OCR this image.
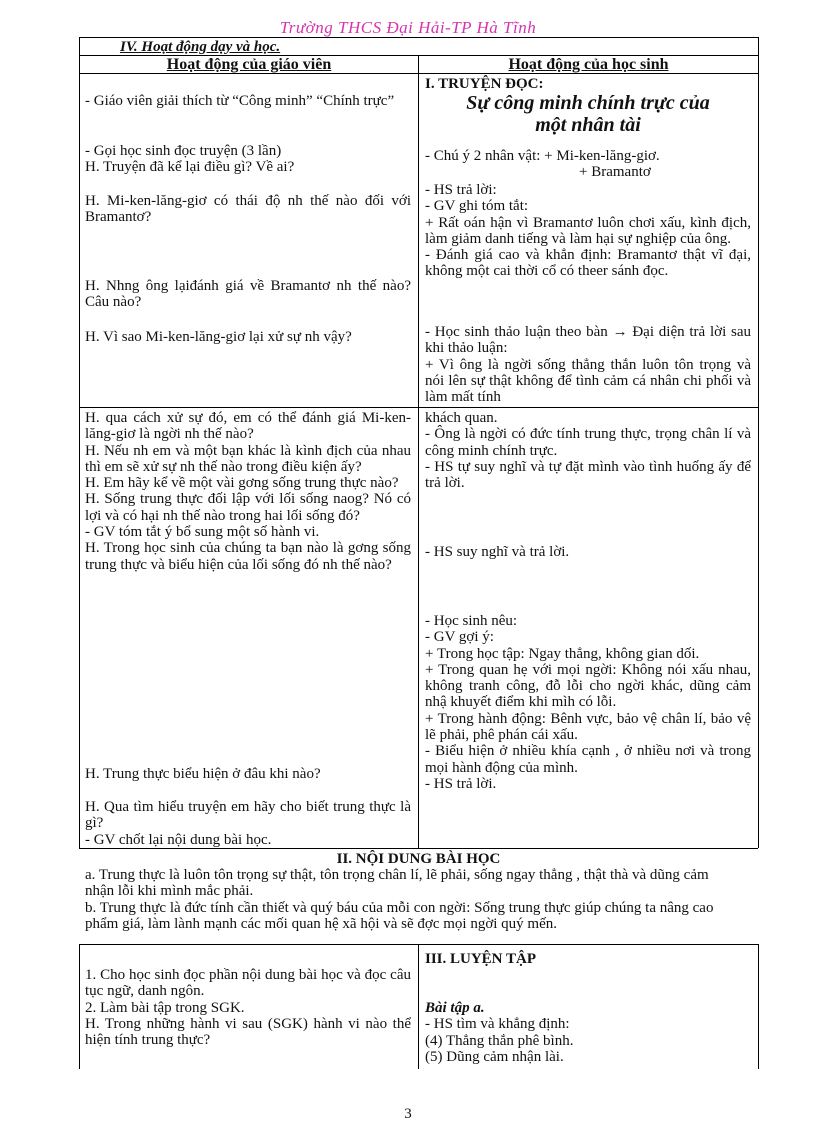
Trường THCS Đại Hải-TP Hà Tĩnh
IV. Hoạt động dạy và học.
Hoạt động của giáo viên	Hoạt động của học sinh

- Giáo viên giải thích từ “Công minh” “Chính trực”

- Gọi học sinh đọc truyện (3 lần)

H. Truyện đã kể lại điều gì? Về ai?

H. Mi-ken-lăng-giơ có thái độ nh thế nào đối với Bramantơ?

H. Nhng ông lạiđánh giá về Bramantơ nh thế nào? Câu nào?

H. Vì sao Mi-ken-lăng-giơ lại xử sự nh vậy?

I. TRUYỆN ĐỌC:

Sự công minh chính trực của

một nhân tài

- Chú ý 2 nhân vật: + Mi-ken-lăng-giơ.

+ Bramantơ

- HS trả lời:

- GV ghi tóm tắt:

+ Rất oán hận vì Bramantơ luôn chơi xấu, kình địch, làm giảm danh tiếng và làm hại sự nghiệp của ông.

- Đánh giá cao và khẳn định: Bramantơ thật vĩ đại, không một cai thời cổ có theer sánh đọc.

- Học sinh thảo luận theo bàn → Đại diện trả lời sau khi thảo luận:

+ Vì ông là ngời sống thẳng thắn luôn tôn trọng và nói lên sự thật không để tình cảm cá nhân chi phối và làm mất tính

H. qua cách xử sự đó, em có thể đánh giá Mi-ken-lăng-giơ là ngời nh thế nào?

H. Nếu nh em và một bạn khác là kình địch của nhau thì em sẽ xử sự nh thế nào trong điều kiện ấy?

H. Em hãy kể về một vài gơng sống trung thực nào?

H. Sống trung thực đối lập với lối sống naog? Nó có lợi và có hại nh thế nào trong hai lối sống đó?

- GV tóm tắt ý bổ sung một số hành vi.

H. Trong học sinh của chúng ta bạn nào là gơng sống trung thực và biểu hiện của lối sống đó nh thế nào?

H. Trung thực biểu hiện ở đâu khi nào?

H. Qua tìm hiểu truyện em hãy cho biết trung thực là gì?

- GV chốt lại nội dung bài học.

khách quan.

- Ông là ngời có đức tính trung thực, trọng chân lí và công minh chính trực.

- HS tự suy nghĩ và tự đặt mình vào tình huống ấy để trả lời.

- HS suy nghĩ và trả lời.

- Học sinh nêu:

- GV gợi ý:

+ Trong học tập: Ngay thẳng, không gian dối.

+ Trong quan hẹ với mọi ngời: Không nói xấu nhau, không tranh công, đỗ lỗi cho ngời khác, dũng cảm nhậ khuyết điểm khi mìh có lỗi.

+ Trong hành động: Bênh vực, bảo vệ chân lí, bảo vệ lẽ phải, phê phán cái xấu.

- Biểu hiện ở nhiều khía cạnh , ở nhiều nơi và trong mọi hành động của mình.

- HS trả lời.

II. NỘI DUNG BÀI HỌC

a. Trung thực là luôn tôn trọng sự thật, tôn trọng chân lí, lẽ phải, sống ngay thẳng , thật thà và dũng cảm nhận lỗi khi mình mắc phải.

b. Trung thực là đức tính cần thiết và quý báu của mỗi con ngời: Sống trung thực giúp chúng ta nâng cao phẩm giá, làm lành mạnh các mối quan hệ xã hội và sẽ đợc mọi ngời quý mến.

1. Cho học sinh đọc phần nội dung bài học và đọc câu tục ngữ, danh ngôn.

2. Làm bài tập trong SGK.

H. Trong những hành vi sau (SGK) hành vi nào thể hiện tính trung thực?

III. LUYỆN TẬP

Bài tập a.

- HS tìm và khẳng định:

(4) Thẳng thắn phê bình.

(5) Dũng cảm nhận lài.

3
